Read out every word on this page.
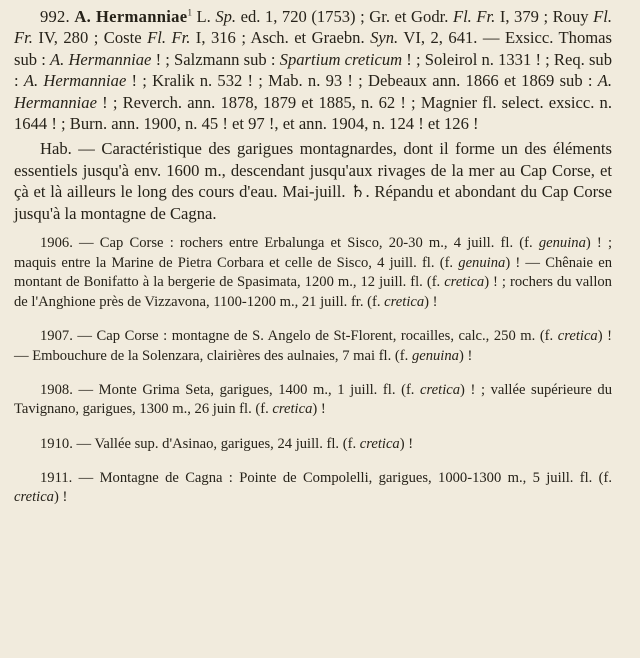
992. A. Hermanniae$^1$ L. Sp. ed. 1, 720 (1753) ; Gr. et Godr. Fl. Fr. I, 379 ; Rouy Fl. Fr. IV, 280 ; Coste Fl. Fr. I, 316 ; Asch. et Graebn. Syn. VI, 2, 641. — Exsicc. Thomas sub : A. Hermanniae ! ; Salzmann sub : Spartium creticum ! ; Soleirol n. 1331 ! ; Req. sub : A. Hermanniae ! ; Kralik n. 532 ! ; Mab. n. 93 ! ; Debeaux ann. 1866 et 1869 sub : A. Hermanniae ! ; Reverch. ann. 1878, 1879 et 1885, n. 62 ! ; Magnier fl. select. exsicc. n. 1644 ! ; Burn. ann. 1900, n. 45 ! et 97 !, et ann. 1904, n. 124 ! et 126 !

Hab. — Caractéristique des garigues montagnardes, dont il forme un des éléments essentiels jusqu'à env. 1600 m., descendant jusqu'aux rivages de la mer au Cap Corse, et çà et là ailleurs le long des cours d'eau. Mai-juill. ♄. Répandu et abondant du Cap Corse jusqu'à la montagne de Cagna.

1906. — Cap Corse : rochers entre Erbalunga et Sisco, 20-30 m., 4 juill. fl. (f. genuina) ! ; maquis entre la Marine de Pietra Corbara et celle de Sisco, 4 juill. fl. (f. genuina) ! — Chênaie en montant de Bonifatto à la bergerie de Spasimata, 1200 m., 12 juill. fl. (f. cretica) ! ; rochers du vallon de l'Anghione près de Vizzavona, 1100-1200 m., 21 juill. fr. (f. cretica) !

1907. — Cap Corse : montagne de S. Angelo de St-Florent, rocailles, calc., 250 m. (f. cretica) ! — Embouchure de la Solenzara, clairières des aulnaies, 7 mai fl. (f. genuina) !

1908. — Monte Grima Seta, garigues, 1400 m., 1 juill. fl. (f. cretica) ! ; vallée supérieure du Tavignano, garigues, 1300 m., 26 juin fl. (f. cretica) !

1910. — Vallée sup. d'Asinao, garigues, 24 juill. fl. (f. cretica) !

1911. — Montagne de Cagna : Pointe de Compolelli, garigues, 1000-1300 m., 5 juill. fl. (f. cretica) !
